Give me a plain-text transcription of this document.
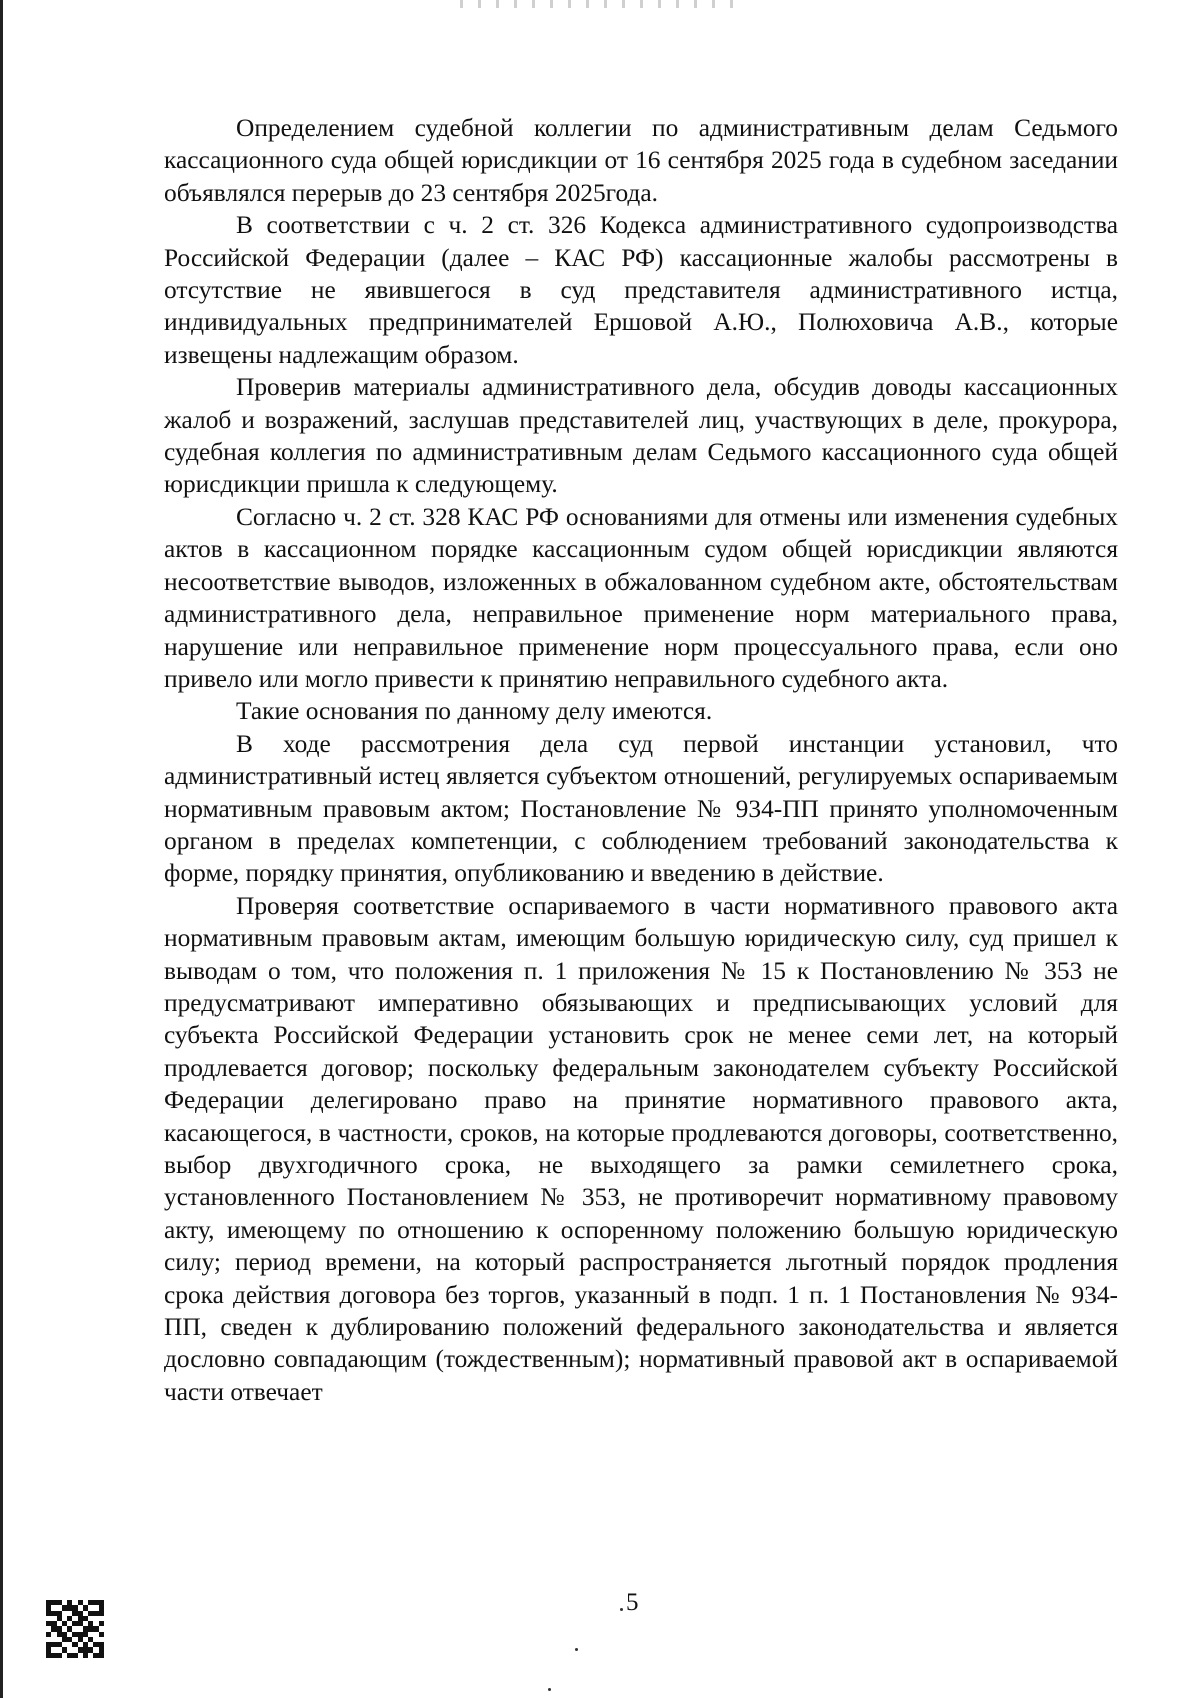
Определением судебной коллегии по административным делам Седьмого кассационного суда общей юрисдикции от 16 сентября 2025 года в судебном заседании объявлялся перерыв до 23 сентября 2025года.

В соответствии с ч. 2 ст. 326 Кодекса административного судопроизводства Российской Федерации (далее – КАС РФ) кассационные жалобы рассмотрены в отсутствие не явившегося в суд представителя административного истца, индивидуальных предпринимателей Ершовой А.Ю., Полюховича А.В., которые извещены надлежащим образом.

Проверив материалы административного дела, обсудив доводы кассационных жалоб и возражений, заслушав представителей лиц, участвующих в деле, прокурора, судебная коллегия по административным делам Седьмого кассационного суда общей юрисдикции пришла к следующему.

Согласно ч. 2 ст. 328 КАС РФ основаниями для отмены или изменения судебных актов в кассационном порядке кассационным судом общей юрисдикции являются несоответствие выводов, изложенных в обжалованном судебном акте, обстоятельствам административного дела, неправильное применение норм материального права, нарушение или неправильное применение норм процессуального права, если оно привело или могло привести к принятию неправильного судебного акта.

Такие основания по данному делу имеются.

В ходе рассмотрения дела суд первой инстанции установил, что административный истец является субъектом отношений, регулируемых оспариваемым нормативным правовым актом; Постановление № 934-ПП принято уполномоченным органом в пределах компетенции, с соблюдением требований законодательства к форме, порядку принятия, опубликованию и введению в действие.

Проверяя соответствие оспариваемого в части нормативного правового акта нормативным правовым актам, имеющим большую юридическую силу, суд пришел к выводам о том, что положения п. 1 приложения № 15 к Постановлению № 353 не предусматривают императивно обязывающих и предписывающих условий для субъекта Российской Федерации установить срок не менее семи лет, на который продлевается договор; поскольку федеральным законодателем субъекту Российской Федерации делегировано право на принятие нормативного правового акта, касающегося, в частности, сроков, на которые продлеваются договоры, соответственно, выбор двухгодичного срока, не выходящего за рамки семилетнего срока, установленного Постановлением № 353, не противоречит нормативному правовому акту, имеющему по отношению к оспоренному положению большую юридическую силу; период времени, на который распространяется льготный порядок продления срока действия договора без торгов, указанный в подп. 1 п. 1 Постановления № 934-ПП, сведен к дублированию положений федерального законодательства и является дословно совпадающим (тождественным); нормативный правовой акт в оспариваемой части отвечает

5
